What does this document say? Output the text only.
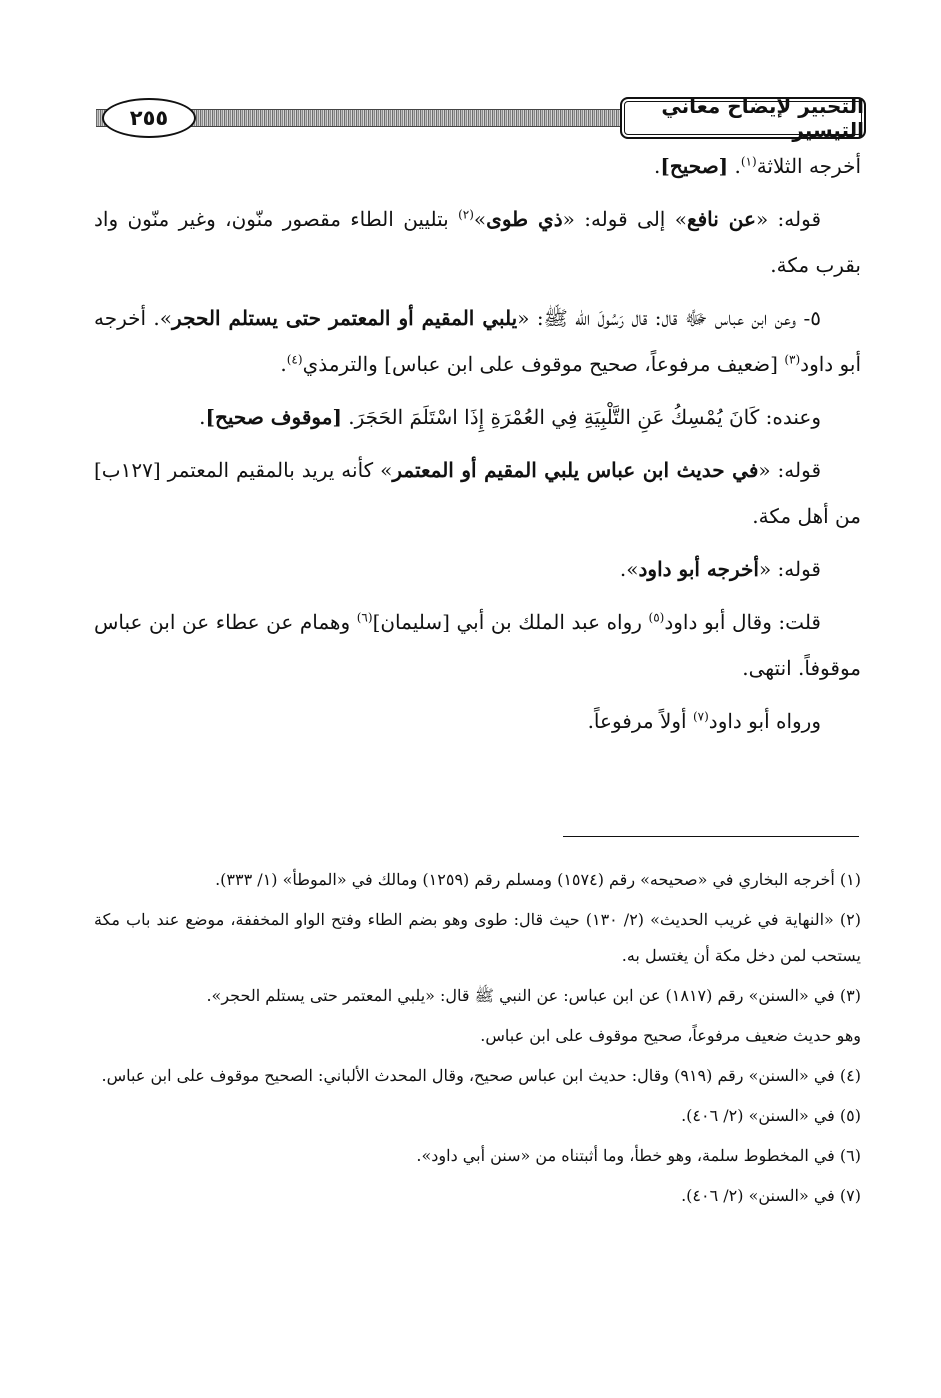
٢٥٥	التحبير لإيضاح معاني التيسير

أخرجه الثلاثة$^{(١)}$. [صحيح].

قوله: «عن نافع» إلى قوله: «ذي طوى»$^{(٢)}$ بتليين الطاء مقصور منّون، وغير منّون واد بقرب مكة.

٥- وعن ابن عباس ﷻ قال: قال رَسُولَ الله ﷺ: «يلبي المقيم أو المعتمر حتى يستلم الحجر». أخرجه أبو داود$^{(٣)}$ [ضعيف مرفوعاً، صحيح موقوف على ابن عباس] والترمذي$^{(٤)}$.

وعنده: كَانَ يُمْسِكُ عَنِ التَّلْبِيَةِ فِي العُمْرَةِ إِذَا اسْتَلَمَ الحَجَرَ. [موقوف صحيح].

قوله: «في حديث ابن عباس يلبي المقيم أو المعتمر» كأنه يريد بالمقيم المعتمر [١٢٧ب] من أهل مكة.

قوله: «أخرجه أبو داود».

قلت: وقال أبو داود$^{(٥)}$ رواه عبد الملك بن أبي [سليمان]$^{(٦)}$ وهمام عن عطاء عن ابن عباس موقوفاً. انتهى.

ورواه أبو داود$^{(٧)}$ أولاً مرفوعاً.

(١) أخرجه البخاري في «صحيحه» رقم (١٥٧٤) ومسلم رقم (١٢٥٩) ومالك في «الموطأ» (١/ ٣٣٣).

(٢) «النهاية في غريب الحديث» (٢/ ١٣٠) حيث قال: طوى وهو بضم الطاء وفتح الواو المخففة، موضع عند باب مكة يستحب لمن دخل مكة أن يغتسل به.

(٣) في «السنن» رقم (١٨١٧) عن ابن عباس: عن النبي ﷺ قال: «يلبي المعتمر حتى يستلم الحجر».

وهو حديث ضعيف مرفوعاً، صحيح موقوف على ابن عباس.

(٤) في «السنن» رقم (٩١٩) وقال: حديث ابن عباس صحيح، وقال المحدث الألباني: الصحيح موقوف على ابن عباس.

(٥) في «السنن» (٢/ ٤٠٦).

(٦) في المخطوط سلمة، وهو خطأ، وما أثبتناه من «سنن أبي داود».

(٧) في «السنن» (٢/ ٤٠٦).
